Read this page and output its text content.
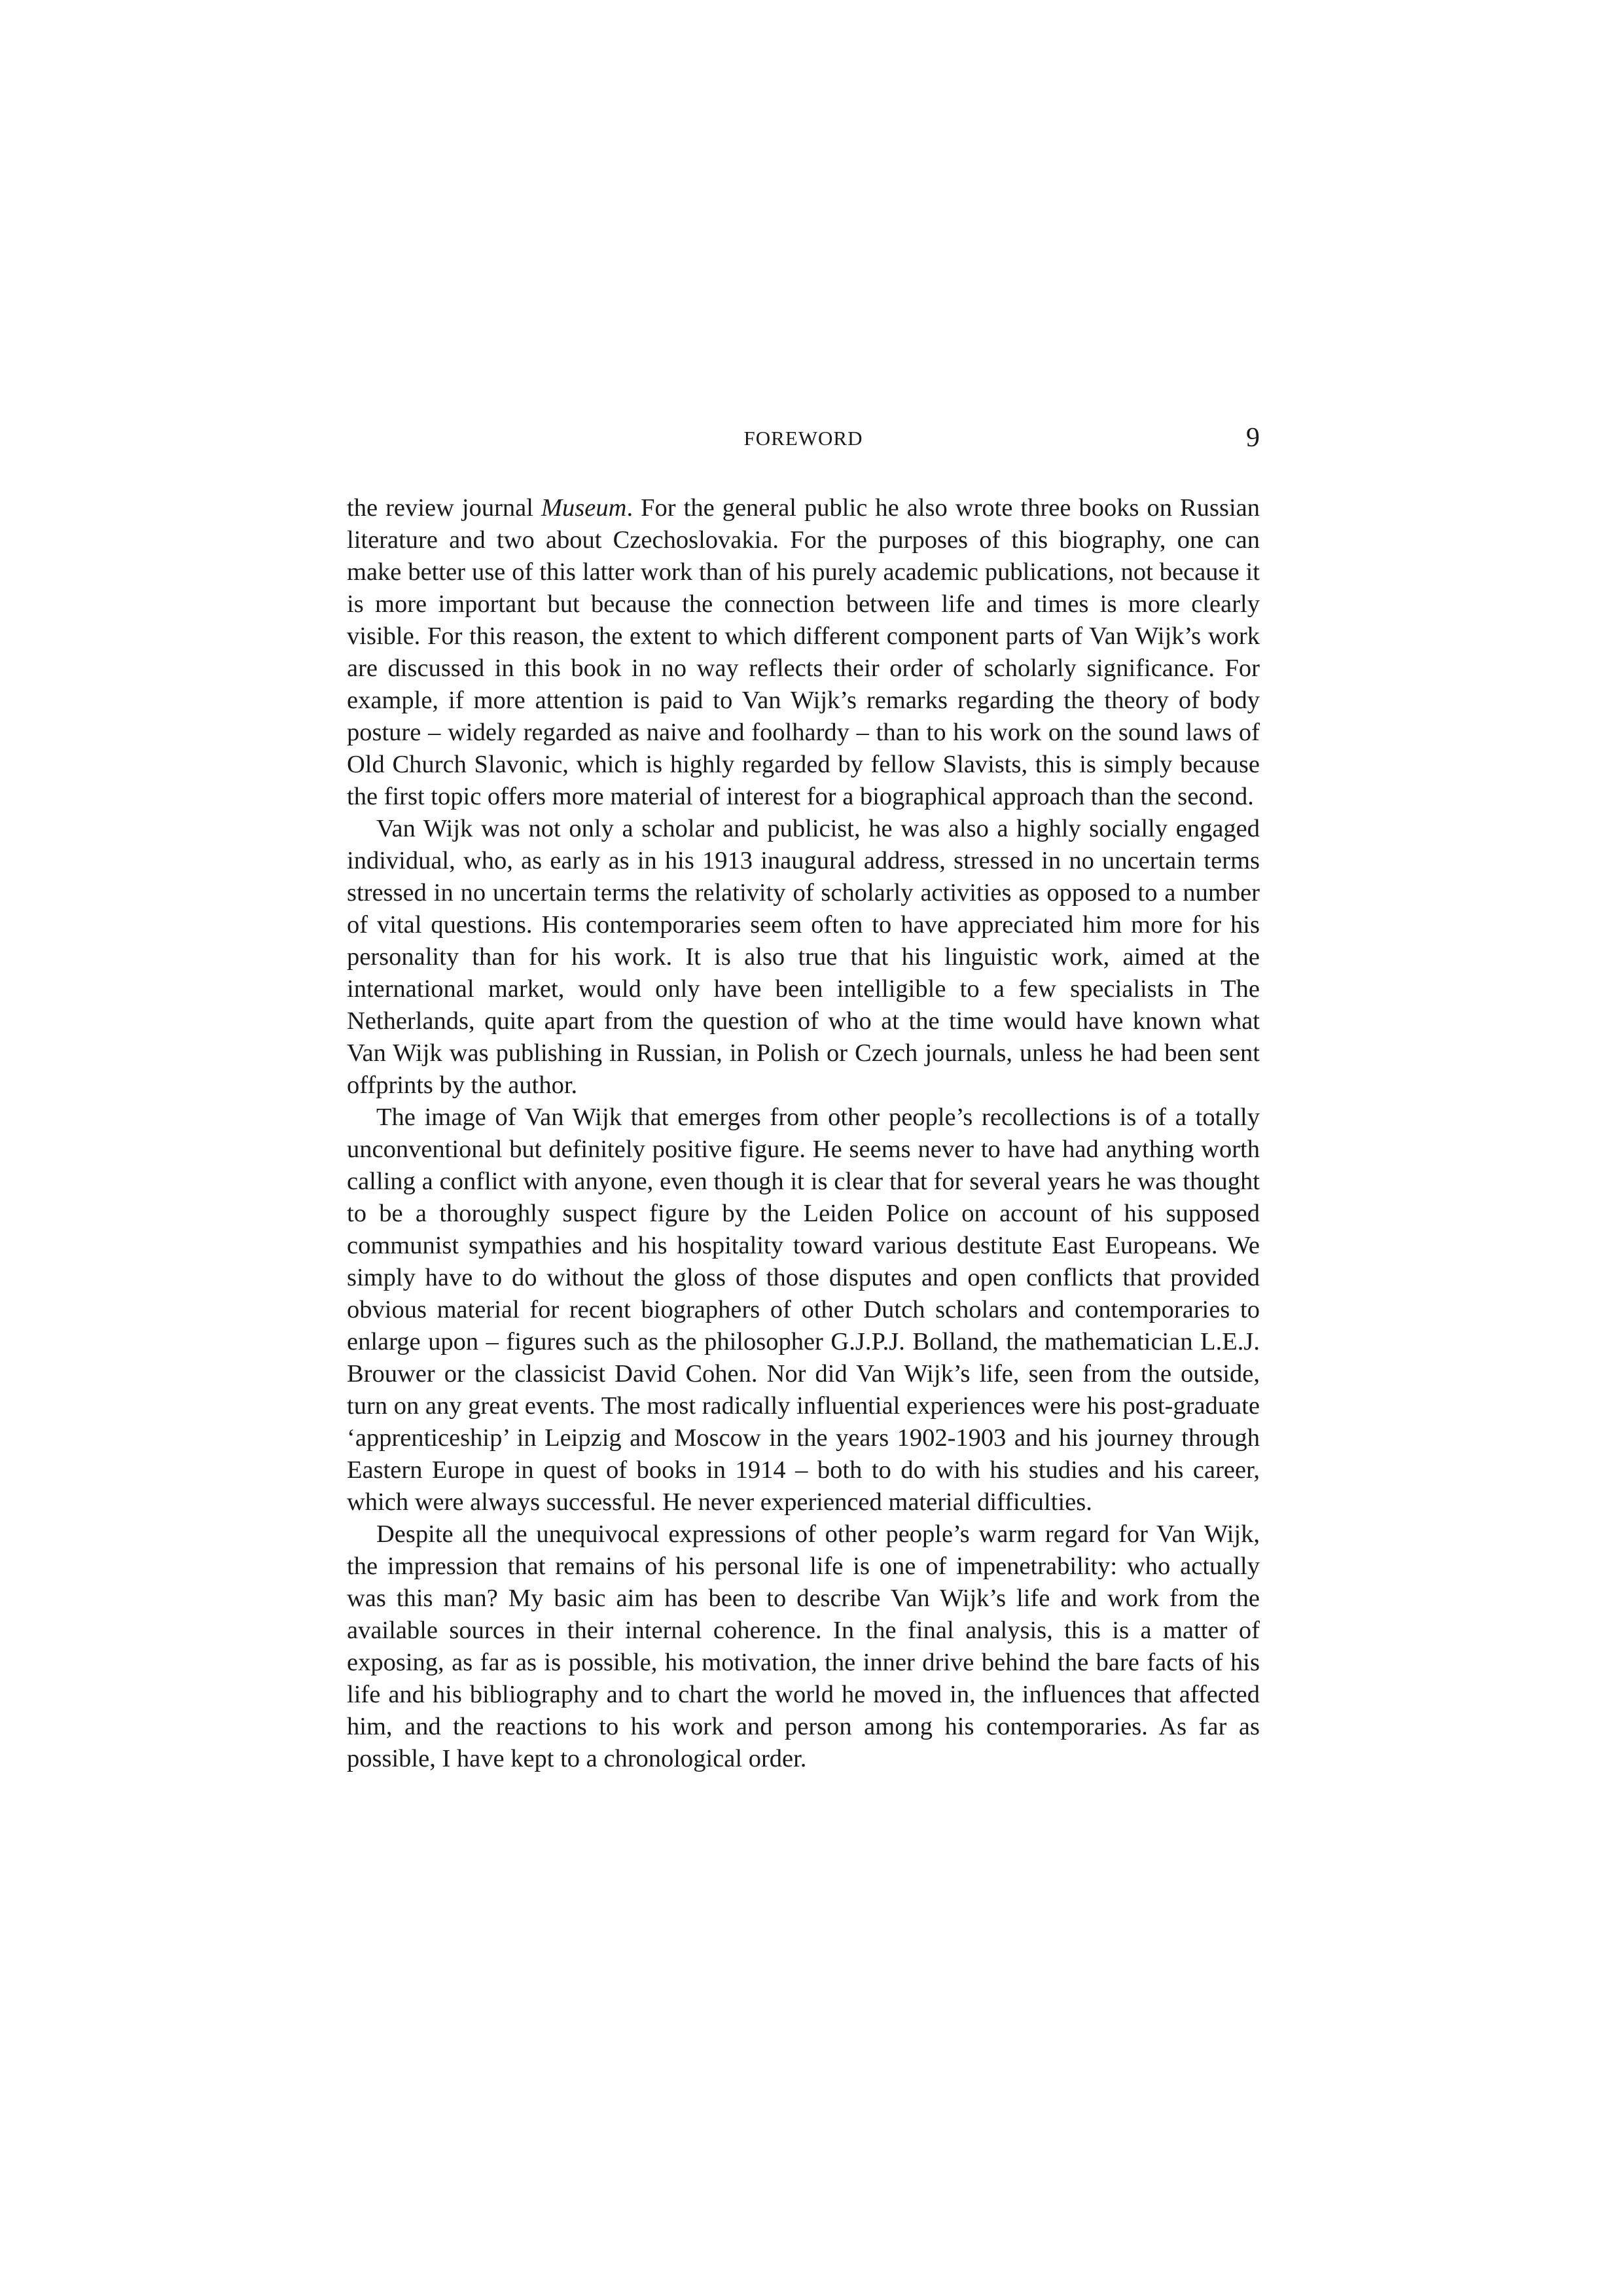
FOREWORD	9

the review journal Museum. For the general public he also wrote three books on Russian literature and two about Czechoslovakia. For the purposes of this biography, one can make better use of this latter work than of his purely academic publications, not because it is more important but because the connection between life and times is more clearly visible. For this reason, the extent to which different component parts of Van Wijk’s work are discussed in this book in no way reflects their order of scholarly significance. For example, if more attention is paid to Van Wijk’s remarks regarding the theory of body posture – widely regarded as naive and foolhardy – than to his work on the sound laws of Old Church Slavonic, which is highly regarded by fellow Slavists, this is simply because the first topic offers more material of interest for a biographical approach than the second.

Van Wijk was not only a scholar and publicist, he was also a highly socially engaged individual, who, as early as in his 1913 inaugural address, stressed in no uncertain terms stressed in no uncertain terms the relativity of scholarly activities as opposed to a number of vital questions. His contemporaries seem often to have appreciated him more for his personality than for his work. It is also true that his linguistic work, aimed at the international market, would only have been intelligible to a few specialists in The Netherlands, quite apart from the question of who at the time would have known what Van Wijk was publishing in Russian, in Polish or Czech journals, unless he had been sent offprints by the author.

The image of Van Wijk that emerges from other people’s recollections is of a totally unconventional but definitely positive figure. He seems never to have had anything worth calling a conflict with anyone, even though it is clear that for several years he was thought to be a thoroughly suspect figure by the Leiden Police on account of his supposed communist sympathies and his hospitality toward various destitute East Europeans. We simply have to do without the gloss of those disputes and open conflicts that provided obvious material for recent biographers of other Dutch scholars and contemporaries to enlarge upon – figures such as the philosopher G.J.P.J. Bolland, the mathematician L.E.J. Brouwer or the classicist David Cohen. Nor did Van Wijk’s life, seen from the outside, turn on any great events. The most radically influential experiences were his post-graduate ‘apprenticeship’ in Leipzig and Moscow in the years 1902-1903 and his journey through Eastern Europe in quest of books in 1914 – both to do with his studies and his career, which were always successful. He never experienced material difficulties.

Despite all the unequivocal expressions of other people’s warm regard for Van Wijk, the impression that remains of his personal life is one of impenetrability: who actually was this man? My basic aim has been to describe Van Wijk’s life and work from the available sources in their internal coherence. In the final analysis, this is a matter of exposing, as far as is possible, his motivation, the inner drive behind the bare facts of his life and his bibliography and to chart the world he moved in, the influences that affected him, and the reactions to his work and person among his contemporaries. As far as possible, I have kept to a chronological order.
